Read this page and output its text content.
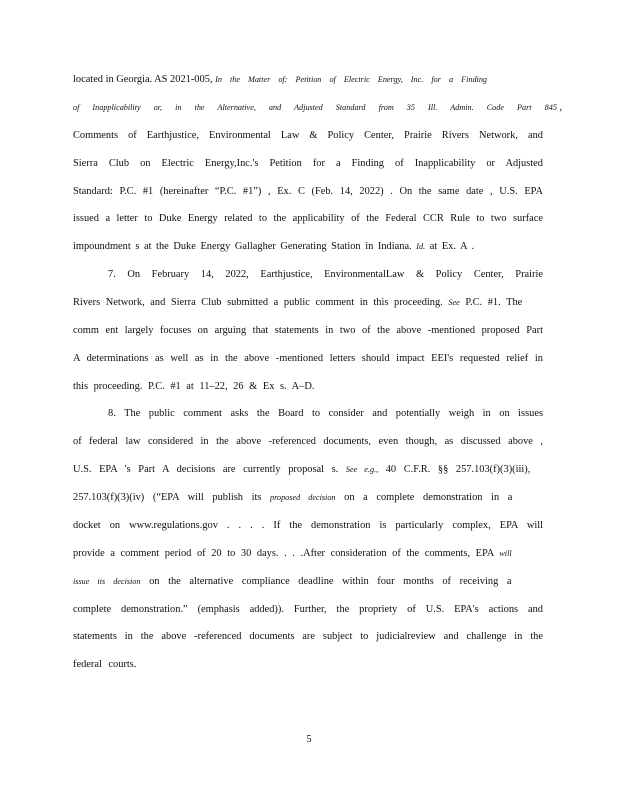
located in Georgia. AS 2021-005, In the Matter of: Petition of Electric Energy, Inc. for a Finding
of Inapplicability or, in the Alternative, and Adjusted Standard from 35 Ill. Admin. Code Part 845 ,
Comments of Earthjustice, Environmental Law & Policy Center, Prairie Rivers Network, and
Sierra Club on Electric Energy,Inc.'s Petition for a Finding of Inapplicability or Adjusted
Standard: P.C. #1 (hereinafter “P.C. #1”) , Ex. C (Feb. 14, 2022) . On the same date , U.S. EPA
issued a letter to Duke Energy related to the applicability of the Federal CCR Rule to two surface
impoundment s at the Duke Energy Gallagher Generating Station in Indiana. Id. at Ex. A .
7. On February 14, 2022, Earthjustice, EnvironmentalLaw & Policy Center, Prairie
Rivers Network, and Sierra Club submitted a public comment in this proceeding. See P.C. #1. The
comm ent largely focuses on arguing that statements in two of the above -mentioned proposed Part
A determinations as well as in the above -mentioned letters should impact EEI's requested relief in
this proceeding. P.C. #1 at 11–22, 26 & Ex s. A–D.
8. The public comment asks the Board to consider and potentially weigh in on issues
of federal law considered in the above -referenced documents, even though, as discussed above ,
U.S. EPA 's Part A decisions are currently proposal s. See e.g., 40 C.F.R. §§ 257.103(f)(3)(iii),
257.103(f)(3)(iv) (“EPA will publish its proposed decision on a complete demonstration in a
docket on www.regulations.gov . . . . If the demonstration is particularly complex, EPA will
provide a comment period of 20 to 30 days. . . .After consideration of the comments, EPA will
issue its decision on the alternative compliance deadline within four months of receiving a
complete demonstration.” (emphasis added)). Further, the propriety of U.S. EPA's actions and
statements in the above -referenced documents are subject to judicialreview and challenge in the
federal courts.
5
